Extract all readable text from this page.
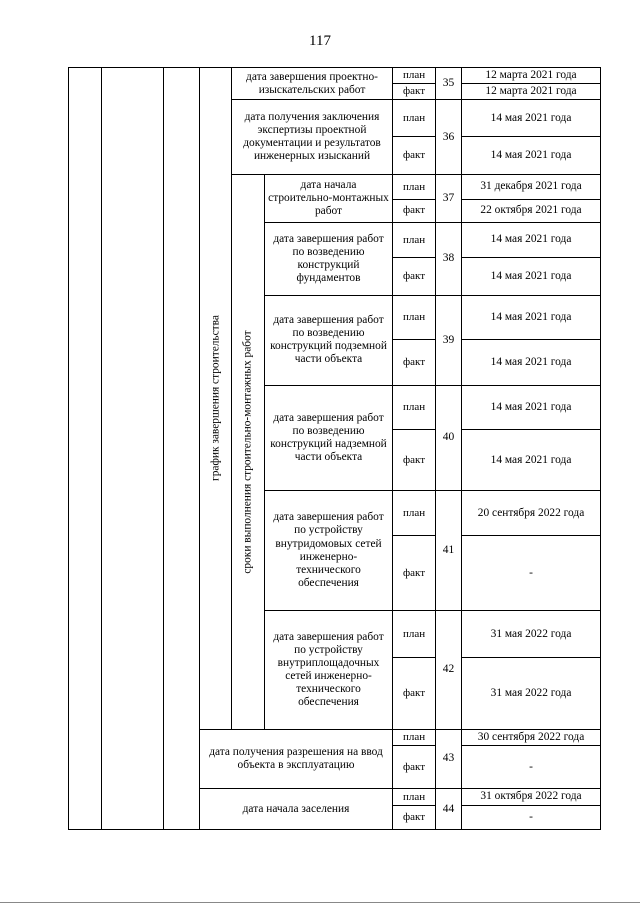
117

			график завершения строительства	дата завершения проектно-изыскательских работ		план	35	12 марта 2021 года
						факт		12 марта 2021 года
				дата получения заключения экспертизы проектной документации и результатов инженерных изысканий		план	36	14 мая 2021 года
						факт		14 мая 2021 года

				сроки выполнения строительно-монтажных работ	дата начала строительно-монтажных работ	план	37	31 декабря 2021 года
						факт		22 октября 2021 года
					дата завершения работ по возведению конструкций фундаментов	план	38	14 мая 2021 года
						факт		14 мая 2021 года
					дата завершения работ по возведению конструкций подземной части объекта	план	39	14 мая 2021 года
						факт		14 мая 2021 года
					дата завершения работ по возведению конструкций надземной части объекта	план	40	14 мая 2021 года
						факт		14 мая 2021 года
					дата завершения работ по устройству внутридомовых сетей инженерно-технического обеспечения	план	41	20 сентября 2022 года
						факт		-
					дата завершения работ по устройству внутриплощадочных сетей инженерно-технического обеспечения	план	42	31 мая 2022 года
						факт		31 мая 2022 года
			дата получения разрешения на ввод объекта в эксплуатацию			план	43	30 сентября 2022 года
						факт		-
			дата начала заселения			план	44	31 октября 2022 года
						факт		-
